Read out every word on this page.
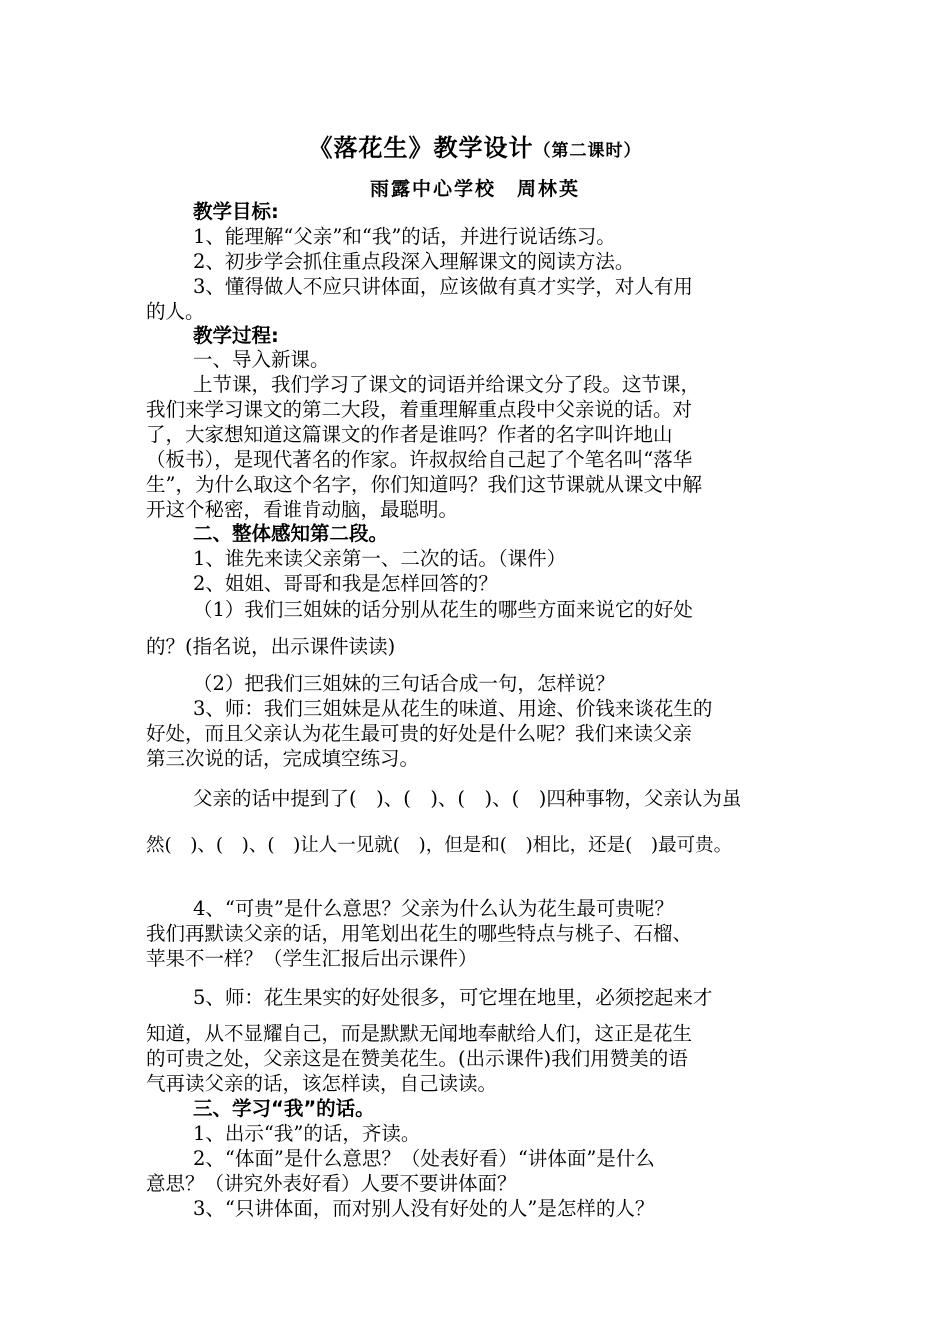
《落花生》教学设计（第二课时）
雨露中心学校　周林英
教学目标:
1、能理解“父亲”和“我”的话，并进行说话练习。
2、初步学会抓住重点段深入理解课文的阅读方法。
3、懂得做人不应只讲体面，应该做有真才实学，对人有用
的人。
教学过程:
一、导入新课。
上节课，我们学习了课文的词语并给课文分了段。这节课，
我们来学习课文的第二大段，着重理解重点段中父亲说的话。对
了，大家想知道这篇课文的作者是谁吗？作者的名字叫许地山
（板书），是现代著名的作家。许叔叔给自己起了个笔名叫“落华
生”，为什么取这个名字，你们知道吗？我们这节课就从课文中解
开这个秘密，看谁肯动脑，最聪明。
二、整体感知第二段。
1、谁先来读父亲第一、二次的话。（课件）
2、姐姐、哥哥和我是怎样回答的？
（1）我们三姐妹的话分别从花生的哪些方面来说它的好处
的？(指名说，出示课件读读)
（2）把我们三姐妹的三句话合成一句，怎样说？
3、师：我们三姐妹是从花生的味道、用途、价钱来谈花生的
好处，而且父亲认为花生最可贵的好处是什么呢？我们来读父亲
第三次说的话，完成填空练习。
父亲的话中提到了(　)、(　)、(　)、(　)四种事物，父亲认为虽
然(　)、(　)、(　)让人一见就(　)，但是和(　)相比，还是(　)最可贵。
4、“可贵”是什么意思？父亲为什么认为花生最可贵呢？
我们再默读父亲的话，用笔划出花生的哪些特点与桃子、石榴、
苹果不一样？（学生汇报后出示课件）
5、师：花生果实的好处很多，可它埋在地里，必须挖起来才
知道，从不显耀自己，而是默默无闻地奉献给人们，这正是花生
的可贵之处，父亲这是在赞美花生。(出示课件)我们用赞美的语
气再读父亲的话，该怎样读，自己读读。
三、学习“我”的话。
1、出示“我”的话，齐读。
2、“体面”是什么意思？（处表好看）“讲体面”是什么
意思？（讲究外表好看）人要不要讲体面？
3、“只讲体面，而对别人没有好处的人”是怎样的人？
